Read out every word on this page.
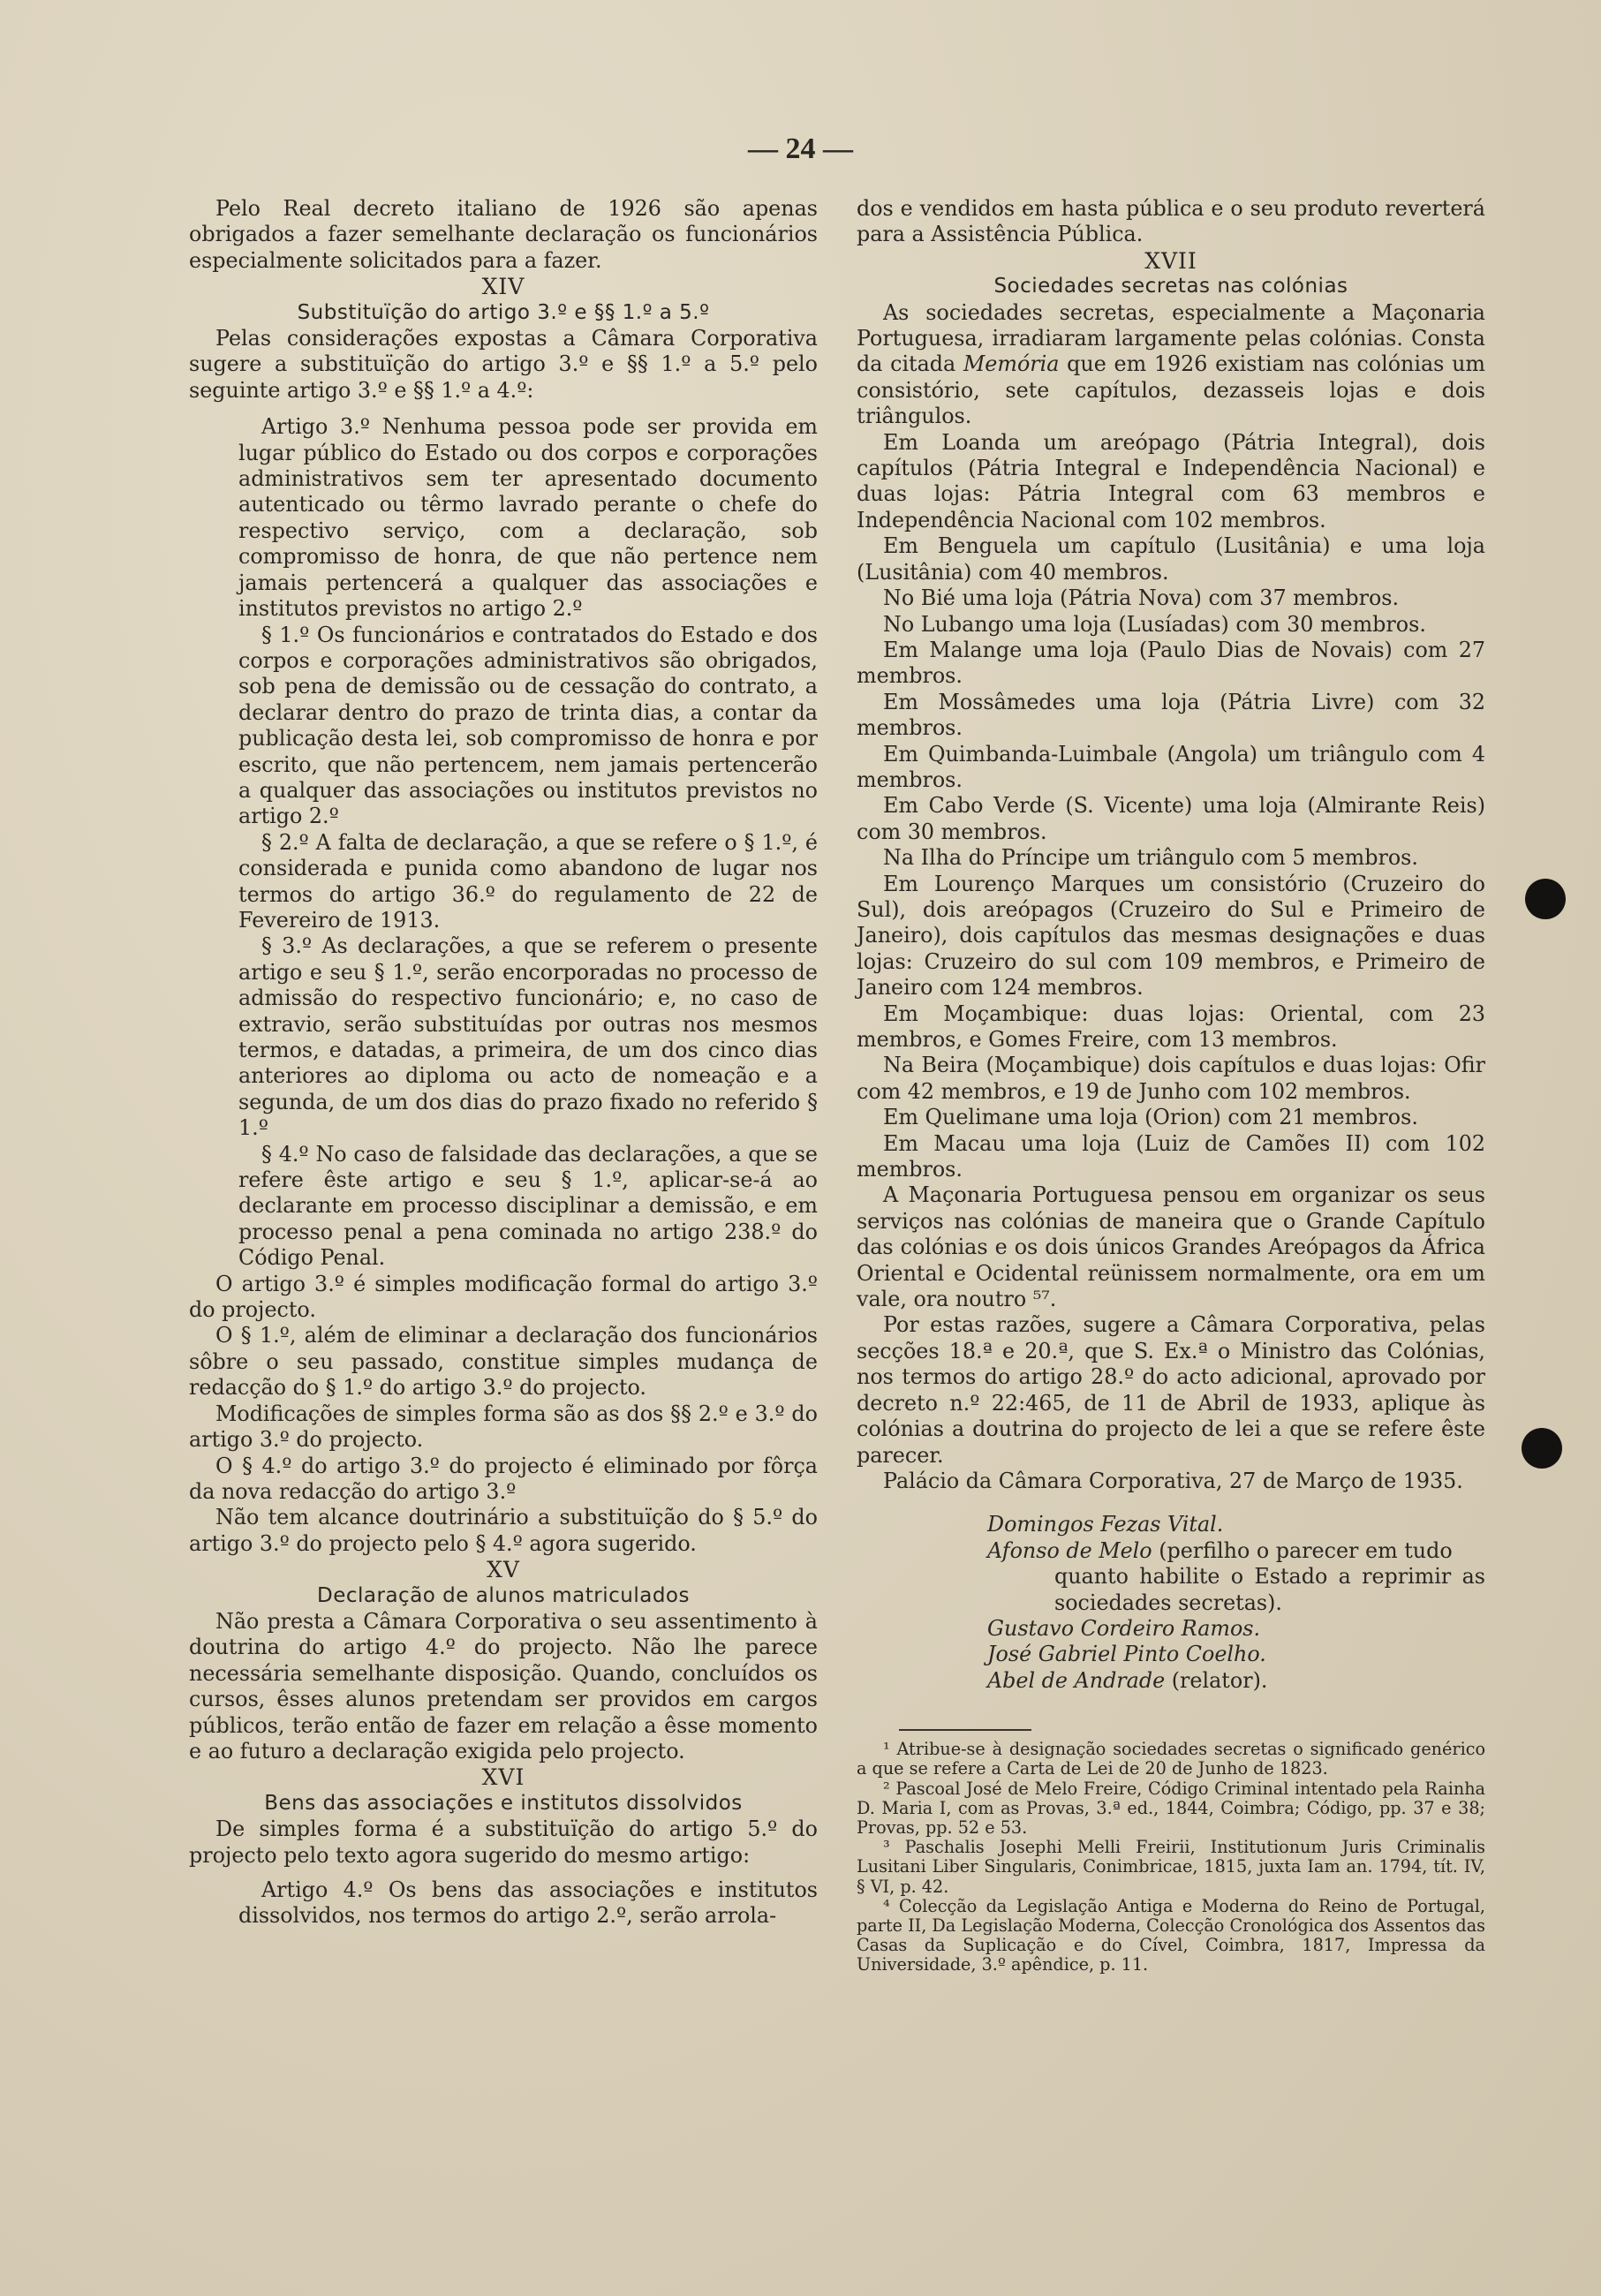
— 24 —

Pelo Real decreto italiano de 1926 são apenas obrigados a fazer semelhante declaração os funcionários especialmente solicitados para a fazer.

XIV

Substituïção do artigo 3.º e §§ 1.º a 5.º

Pelas considerações expostas a Câmara Corporativa sugere a substituïção do artigo 3.º e §§ 1.º a 5.º pelo seguinte artigo 3.º e §§ 1.º a 4.º:

Artigo 3.º Nenhuma pessoa pode ser provida em lugar público do Estado ou dos corpos e corporações administrativos sem ter apresentado documento autenticado ou têrmo lavrado perante o chefe do respectivo serviço, com a declaração, sob compromisso de honra, de que não pertence nem jamais pertencerá a qualquer das associações e institutos previstos no artigo 2.º

§ 1.º Os funcionários e contratados do Estado e dos corpos e corporações administrativos são obrigados, sob pena de demissão ou de cessação do contrato, a declarar dentro do prazo de trinta dias, a contar da publicação desta lei, sob compromisso de honra e por escrito, que não pertencem, nem jamais pertencerão a qualquer das associações ou institutos previstos no artigo 2.º

§ 2.º A falta de declaração, a que se refere o § 1.º, é considerada e punida como abandono de lugar nos termos do artigo 36.º do regulamento de 22 de Fevereiro de 1913.

§ 3.º As declarações, a que se referem o presente artigo e seu § 1.º, serão encorporadas no processo de admissão do respectivo funcionário; e, no caso de extravio, serão substituídas por outras nos mesmos termos, e datadas, a primeira, de um dos cinco dias anteriores ao diploma ou acto de nomeação e a segunda, de um dos dias do prazo fixado no referido § 1.º

§ 4.º No caso de falsidade das declarações, a que se refere êste artigo e seu § 1.º, aplicar-se-á ao declarante em processo disciplinar a demissão, e em processo penal a pena cominada no artigo 238.º do Código Penal.

O artigo 3.º é simples modificação formal do artigo 3.º do projecto.

O § 1.º, além de eliminar a declaração dos funcionários sôbre o seu passado, constitue simples mudança de redacção do § 1.º do artigo 3.º do projecto.

Modificações de simples forma são as dos §§ 2.º e 3.º do artigo 3.º do projecto.

O § 4.º do artigo 3.º do projecto é eliminado por fôrça da nova redacção do artigo 3.º

Não tem alcance doutrinário a substituïção do § 5.º do artigo 3.º do projecto pelo § 4.º agora sugerido.

XV

Declaração de alunos matriculados

Não presta a Câmara Corporativa o seu assentimento à doutrina do artigo 4.º do projecto. Não lhe parece necessária semelhante disposição. Quando, concluídos os cursos, êsses alunos pretendam ser providos em cargos públicos, terão então de fazer em relação a êsse momento e ao futuro a declaração exigida pelo projecto.

XVI

Bens das associações e institutos dissolvidos

De simples forma é a substituïção do artigo 5.º do projecto pelo texto agora sugerido do mesmo artigo:

Artigo 4.º Os bens das associações e institutos dissolvidos, nos termos do artigo 2.º, serão arrola-

dos e vendidos em hasta pública e o seu produto reverterá para a Assistência Pública.

XVII

Sociedades secretas nas colónias

As sociedades secretas, especialmente a Maçonaria Portuguesa, irradiaram largamente pelas colónias. Consta da citada Memória que em 1926 existiam nas colónias um consistório, sete capítulos, dezasseis lojas e dois triângulos.

Em Loanda um areópago (Pátria Integral), dois capítulos (Pátria Integral e Independência Nacional) e duas lojas: Pátria Integral com 63 membros e Independência Nacional com 102 membros.

Em Benguela um capítulo (Lusitânia) e uma loja (Lusitânia) com 40 membros.

No Bié uma loja (Pátria Nova) com 37 membros.

No Lubango uma loja (Lusíadas) com 30 membros.

Em Malange uma loja (Paulo Dias de Novais) com 27 membros.

Em Mossâmedes uma loja (Pátria Livre) com 32 membros.

Em Quimbanda-Luimbale (Angola) um triângulo com 4 membros.

Em Cabo Verde (S. Vicente) uma loja (Almirante Reis) com 30 membros.

Na Ilha do Príncipe um triângulo com 5 membros.

Em Lourenço Marques um consistório (Cruzeiro do Sul), dois areópagos (Cruzeiro do Sul e Primeiro de Janeiro), dois capítulos das mesmas designações e duas lojas: Cruzeiro do sul com 109 membros, e Primeiro de Janeiro com 124 membros.

Em Moçambique: duas lojas: Oriental, com 23 membros, e Gomes Freire, com 13 membros.

Na Beira (Moçambique) dois capítulos e duas lojas: Ofir com 42 membros, e 19 de Junho com 102 membros.

Em Quelimane uma loja (Orion) com 21 membros.

Em Macau uma loja (Luiz de Camões II) com 102 membros.

A Maçonaria Portuguesa pensou em organizar os seus serviços nas colónias de maneira que o Grande Capítulo das colónias e os dois únicos Grandes Areópagos da África Oriental e Ocidental reünissem normalmente, ora em um vale, ora noutro ⁵⁷.

Por estas razões, sugere a Câmara Corporativa, pelas secções 18.ª e 20.ª, que S. Ex.ª o Ministro das Colónias, nos termos do artigo 28.º do acto adicional, aprovado por decreto n.º 22:465, de 11 de Abril de 1933, aplique às colónias a doutrina do projecto de lei a que se refere êste parecer.

Palácio da Câmara Corporativa, 27 de Março de 1935.

Domingos Fezas Vital.

Afonso de Melo (perfilho o parecer em tudo

quanto habilite o Estado a reprimir as sociedades secretas).

Gustavo Cordeiro Ramos.

José Gabriel Pinto Coelho.

Abel de Andrade (relator).

¹ Atribue-se à designação sociedades secretas o significado genérico a que se refere a Carta de Lei de 20 de Junho de 1823.

² Pascoal José de Melo Freire, Código Criminal intentado pela Rainha D. Maria I, com as Provas, 3.ª ed., 1844, Coimbra; Código, pp. 37 e 38; Provas, pp. 52 e 53.

³ Paschalis Josephi Melli Freirii, Institutionum Juris Criminalis Lusitani Liber Singularis, Conimbricae, 1815, juxta Iam an. 1794, tít. IV, § VI, p. 42.

⁴ Colecção da Legislação Antiga e Moderna do Reino de Portugal, parte II, Da Legislação Moderna, Colecção Cronológica dos Assentos das Casas da Suplicação e do Cível, Coimbra, 1817, Impressa da Universidade, 3.º apêndice, p. 11.
